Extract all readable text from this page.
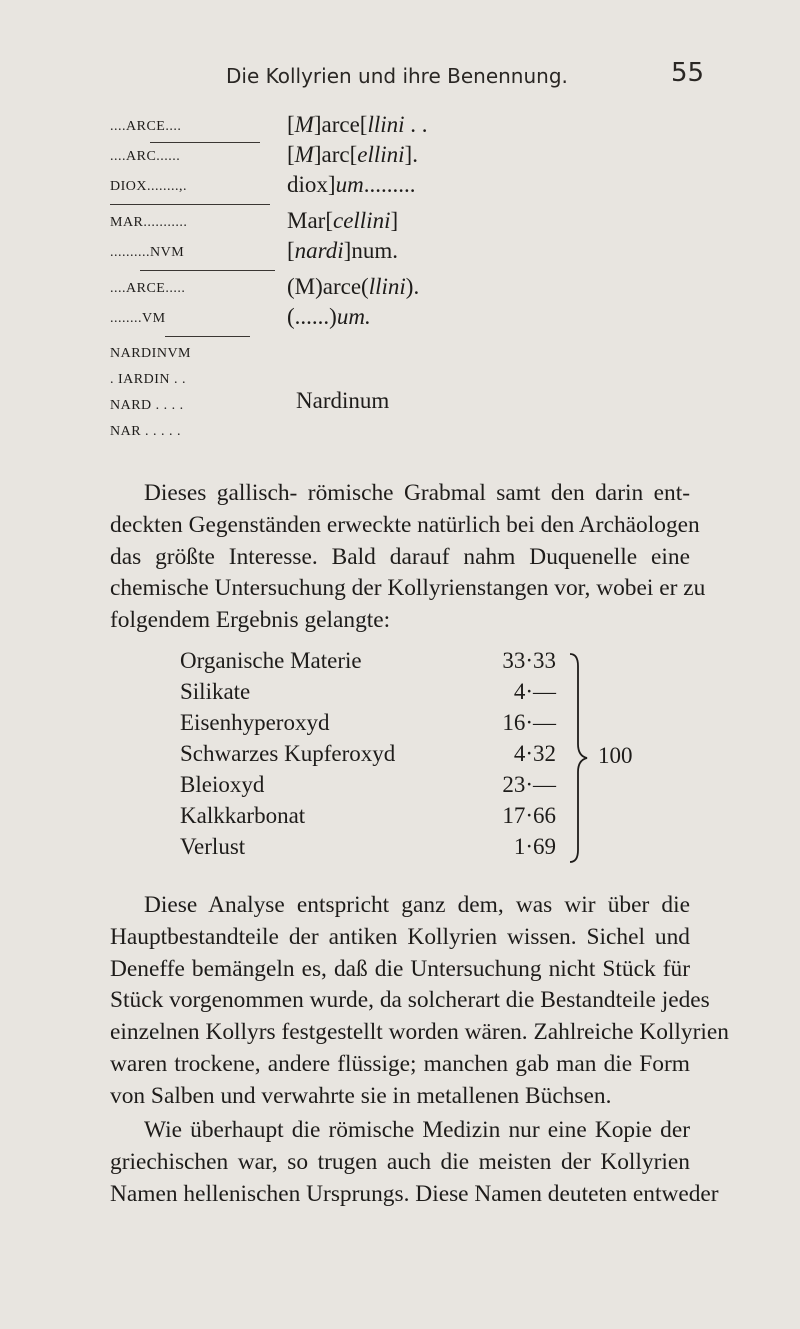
Die Kollyrien und ihre Benennung.	55
....ARCE....	[M]arce[llini . .
....ARC......	[M]arc[ellini].
DIOX........,.	diox]um.........
MAR...........	Mar[cellini]
..........NVM	[nardi]num.
....ARCE.....	(M)arce(llini).
........VM	(......)um.
NARDINVM
. IARDIN . .
NARD . . . .
NAR . . . . .
Nardinum
Dieses gallisch- römische Grabmal samt den darin ent-
deckten Gegenständen erweckte natürlich bei den Archäologen
das größte Interesse. Bald darauf nahm Duquenelle eine
chemische Untersuchung der Kollyrienstangen vor, wobei er zu
folgendem Ergebnis gelangte:
Organische Materie	33·33
Silikate	4·—
Eisenhyperoxyd	16·—
Schwarzes Kupferoxyd	4·32
Bleioxyd	23·—
Kalkkarbonat	17·66
Verlust	1·69
100
Diese Analyse entspricht ganz dem, was wir über die
Hauptbestandteile der antiken Kollyrien wissen. Sichel und
Deneffe bemängeln es, daß die Untersuchung nicht Stück für
Stück vorgenommen wurde, da solcherart die Bestandteile jedes
einzelnen Kollyrs festgestellt worden wären. Zahlreiche Kollyrien
waren trockene, andere flüssige; manchen gab man die Form
von Salben und verwahrte sie in metallenen Büchsen.
Wie überhaupt die römische Medizin nur eine Kopie der
griechischen war, so trugen auch die meisten der Kollyrien
Namen hellenischen Ursprungs. Diese Namen deuteten entweder
